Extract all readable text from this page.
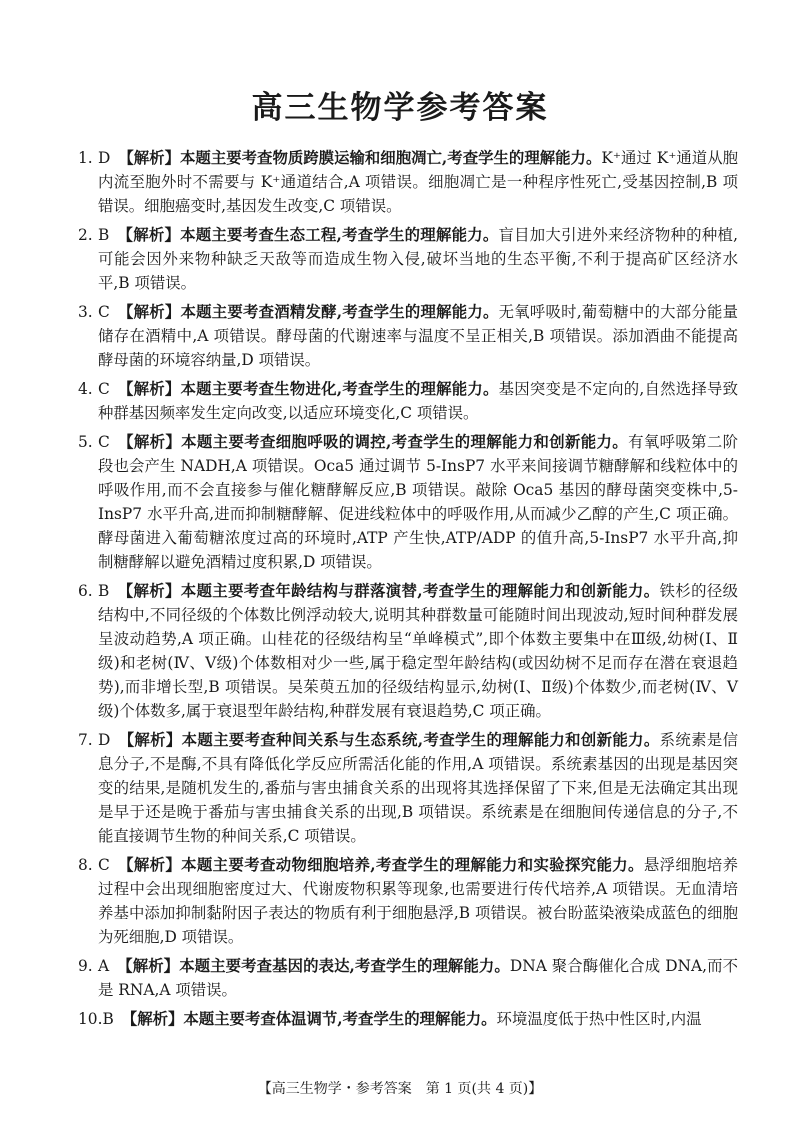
高三生物学参考答案
1. D 【解析】本题主要考查物质跨膜运输和细胞凋亡,考查学生的理解能力。K⁺通过 K⁺通道从胞内流至胞外时不需要与 K⁺通道结合,A 项错误。细胞凋亡是一种程序性死亡,受基因控制,B 项错误。细胞癌变时,基因发生改变,C 项错误。
2. B 【解析】本题主要考查生态工程,考查学生的理解能力。盲目加大引进外来经济物种的种植,可能会因外来物种缺乏天敌等而造成生物入侵,破坏当地的生态平衡,不利于提高矿区经济水平,B 项错误。
3. C 【解析】本题主要考查酒精发酵,考查学生的理解能力。无氧呼吸时,葡萄糖中的大部分能量储存在酒精中,A 项错误。酵母菌的代谢速率与温度不呈正相关,B 项错误。添加酒曲不能提高酵母菌的环境容纳量,D 项错误。
4. C 【解析】本题主要考查生物进化,考查学生的理解能力。基因突变是不定向的,自然选择导致种群基因频率发生定向改变,以适应环境变化,C 项错误。
5. C 【解析】本题主要考查细胞呼吸的调控,考查学生的理解能力和创新能力。有氧呼吸第二阶段也会产生 NADH,A 项错误。Oca5 通过调节 5-InsP7 水平来间接调节糖酵解和线粒体中的呼吸作用,而不会直接参与催化糖酵解反应,B 项错误。敲除 Oca5 基因的酵母菌突变株中,5-InsP7 水平升高,进而抑制糖酵解、促进线粒体中的呼吸作用,从而减少乙醇的产生,C 项正确。酵母菌进入葡萄糖浓度过高的环境时,ATP 产生快,ATP/ADP 的值升高,5-InsP7 水平升高,抑制糖酵解以避免酒精过度积累,D 项错误。
6. B 【解析】本题主要考查年龄结构与群落演替,考查学生的理解能力和创新能力。铁杉的径级结构中,不同径级的个体数比例浮动较大,说明其种群数量可能随时间出现波动,短时间种群发展呈波动趋势,A 项正确。山桂花的径级结构呈“单峰模式”,即个体数主要集中在Ⅲ级,幼树(Ⅰ、Ⅱ级)和老树(Ⅳ、Ⅴ级)个体数相对少一些,属于稳定型年龄结构(或因幼树不足而存在潜在衰退趋势),而非增长型,B 项错误。吴茱萸五加的径级结构显示,幼树(Ⅰ、Ⅱ级)个体数少,而老树(Ⅳ、Ⅴ级)个体数多,属于衰退型年龄结构,种群发展有衰退趋势,C 项正确。
7. D 【解析】本题主要考查种间关系与生态系统,考查学生的理解能力和创新能力。系统素是信息分子,不是酶,不具有降低化学反应所需活化能的作用,A 项错误。系统素基因的出现是基因突变的结果,是随机发生的,番茄与害虫捕食关系的出现将其选择保留了下来,但是无法确定其出现是早于还是晚于番茄与害虫捕食关系的出现,B 项错误。系统素是在细胞间传递信息的分子,不能直接调节生物的种间关系,C 项错误。
8. C 【解析】本题主要考查动物细胞培养,考查学生的理解能力和实验探究能力。悬浮细胞培养过程中会出现细胞密度过大、代谢废物积累等现象,也需要进行传代培养,A 项错误。无血清培养基中添加抑制黏附因子表达的物质有利于细胞悬浮,B 项错误。被台盼蓝染液染成蓝色的细胞为死细胞,D 项错误。
9. A 【解析】本题主要考查基因的表达,考查学生的理解能力。DNA 聚合酶催化合成 DNA,而不是 RNA,A 项错误。
10.B 【解析】本题主要考查体温调节,考查学生的理解能力。环境温度低于热中性区时,内温
【高三生物学・参考答案　第 1 页(共 4 页)】
